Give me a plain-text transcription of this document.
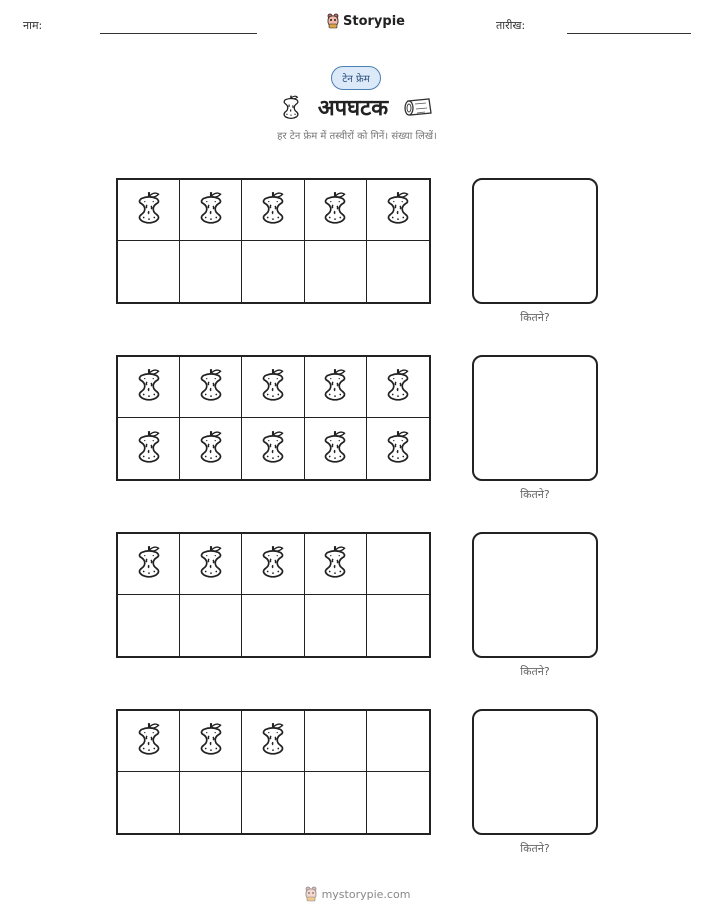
नाम:	Storypie	तारीख:
टेन फ्रेम
अपघटक
हर टेन फ्रेम में तस्वीरों को गिनें। संख्या लिखें।
कितने?
कितने?
कितने?
कितने?
mystorypie.com
